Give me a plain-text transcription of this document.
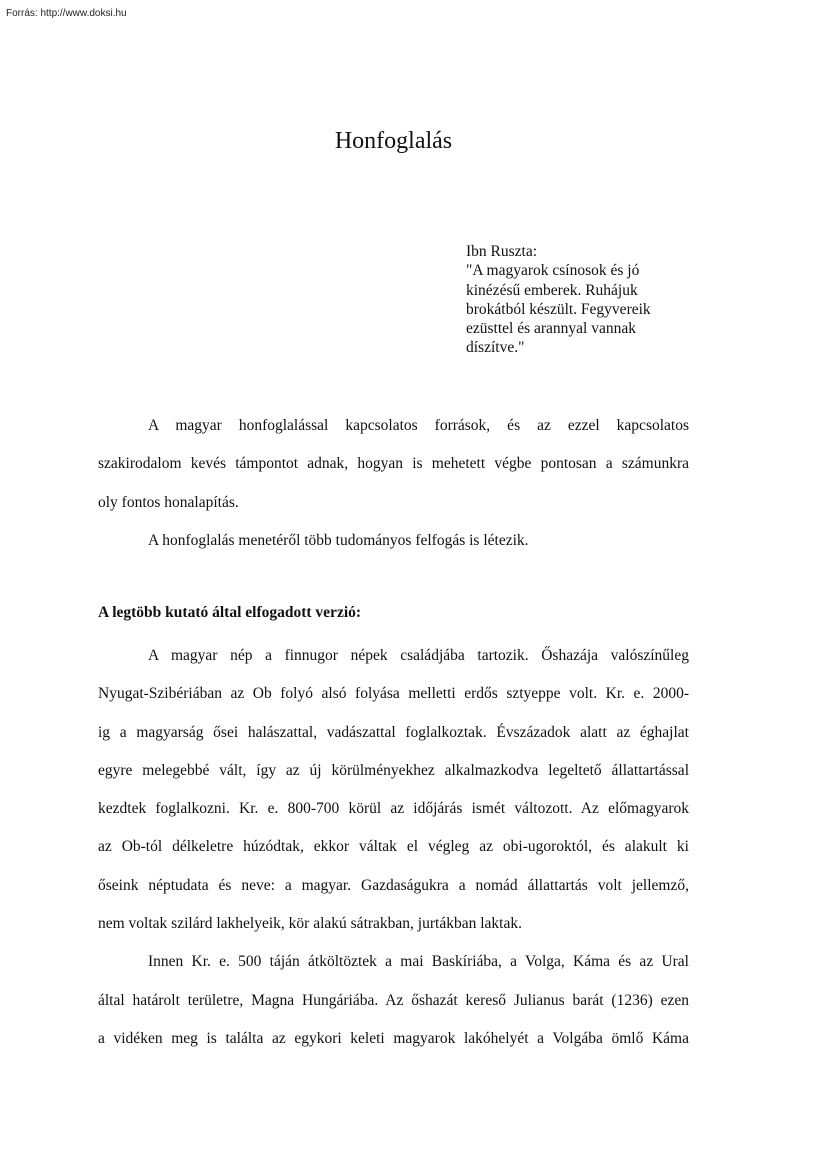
Forrás: http://www.doksi.hu
Honfoglalás
Ibn Ruszta:
"A magyarok csínosok és jó
kinézésű emberek. Ruhájuk
brokátból készült. Fegyvereik
ezüsttel és arannyal vannak
díszítve."
A magyar honfoglalással kapcsolatos források, és az ezzel kapcsolatos
szakirodalom kevés támpontot adnak, hogyan is mehetett végbe pontosan a számunkra
oly fontos honalapítás.
A honfoglalás menetéről több tudományos felfogás is létezik.
A legtöbb kutató által elfogadott verzió:
A magyar nép a finnugor népek családjába tartozik. Őshazája valószínűleg
Nyugat-Szibériában az Ob folyó alsó folyása melletti erdős sztyeppe volt. Kr. e. 2000-
ig a magyarság ősei halászattal, vadászattal foglalkoztak. Évszázadok alatt az éghajlat
egyre melegebbé vált, így az új körülményekhez alkalmazkodva legeltető állattartással
kezdtek foglalkozni. Kr. e. 800-700 körül az időjárás ismét változott. Az előmagyarok
az Ob-tól délkeletre húzódtak, ekkor váltak el végleg az obi-ugoroktól, és alakult ki
őseink néptudata és neve: a magyar. Gazdaságukra a nomád állattartás volt jellemző,
nem voltak szilárd lakhelyeik, kör alakú sátrakban, jurtákban laktak.
Innen Kr. e. 500 táján átköltöztek a mai Baskíriába, a Volga, Káma és az Ural
által határolt területre, Magna Hungáriába. Az őshazát kereső Julianus barát (1236) ezen
a vidéken meg is találta az egykori keleti magyarok lakóhelyét a Volgába ömlő Káma
